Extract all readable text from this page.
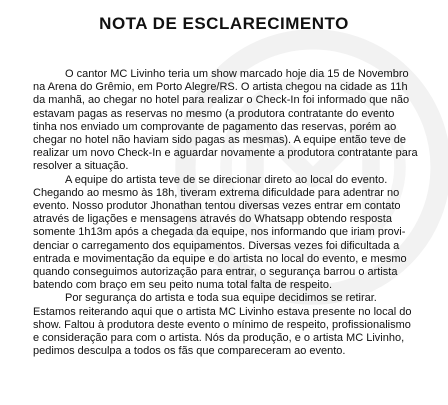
NOTA DE ESCLARECIMENTO
O cantor MC Livinho teria um show marcado hoje dia 15 de Novembro
na Arena do Grêmio, em Porto Alegre/RS. O artista chegou na cidade as 11h
da manhã, ao chegar no hotel para realizar o Check-In foi informado que não
estavam pagas as reservas no mesmo (a produtora contratante do evento
tinha nos enviado um comprovante de pagamento das reservas, porém ao
chegar no hotel não haviam sido pagas as mesmas). A equipe então teve de
realizar um novo Check-In e aguardar novamente a produtora contratante para
resolver a situação.
A equipe do artista teve de se direcionar direto ao local do evento.
Chegando ao mesmo às 18h, tiveram extrema dificuldade para adentrar no
evento. Nosso produtor Jhonathan tentou diversas vezes entrar em contato
através de ligações e mensagens através do Whatsapp obtendo resposta
somente 1h13m após a chegada da equipe, nos informando que iriam provi-
denciar o carregamento dos equipamentos. Diversas vezes foi dificultada a
entrada e movimentação da equipe e do artista no local do evento, e mesmo
quando conseguimos autorização para entrar, o segurança barrou o artista
batendo com braço em seu peito numa total falta de respeito.
Por segurança do artista e toda sua equipe decidimos se retirar.
Estamos reiterando aqui que o artista MC Livinho estava presente no local do
show. Faltou à produtora deste evento o mínimo de respeito, profissionalismo
e consideração para com o artista. Nós da produção, e o artista MC Livinho,
pedimos desculpa a todos os fãs que compareceram ao evento.
